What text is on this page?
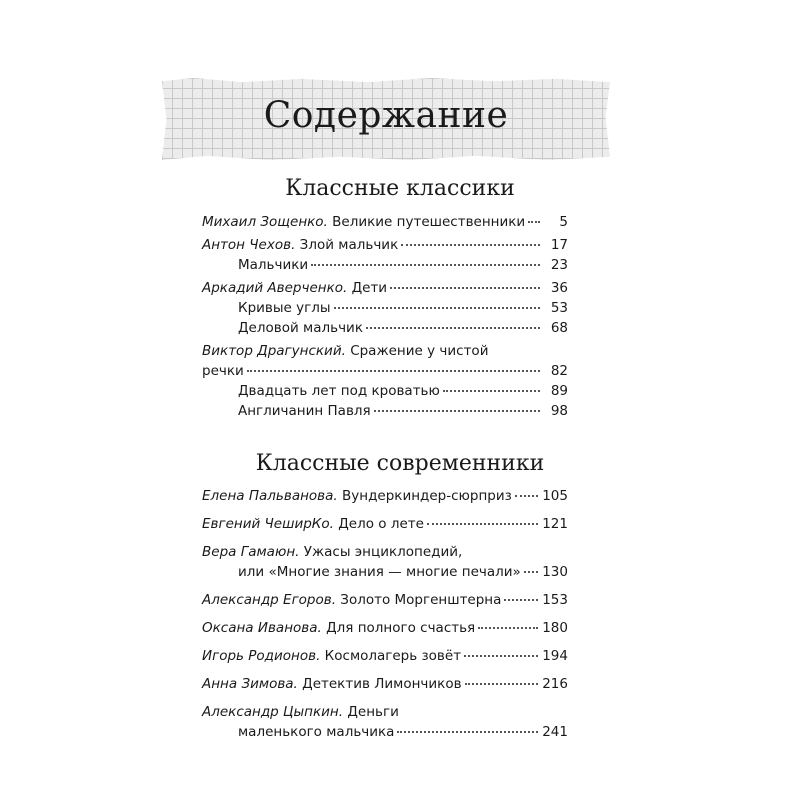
Содержание
Классные классики
Михаил Зощенко.
Великие путешественники	5
Антон Чехов.
Злой мальчик	17
Мальчики	23
Аркадий Аверченко.
Дети	36
Кривые углы	53
Деловой мальчик	68
Виктор Драгунский.
Сражение у чистой
речки	82
Двадцать лет под кроватью	89
Англичанин Павля	98
Классные современники
Елена Пальванова.
Вундеркиндер-сюрприз 105
Евгений ЧеширКо.
Дело о лете	121
Вера Гамаюн.
Ужасы энциклопедий,
или «Многие знания — многие печали» 130
Александр Егоров.
Золото Моргенштерна	153
Оксана Иванова.
Для полного счастья	180
Игорь Родионов.
Космолагерь зовёт	194
Анна Зимова.
Детектив Лимончиков	216
Александр Цыпкин.
Деньги
маленького мальчика	241
